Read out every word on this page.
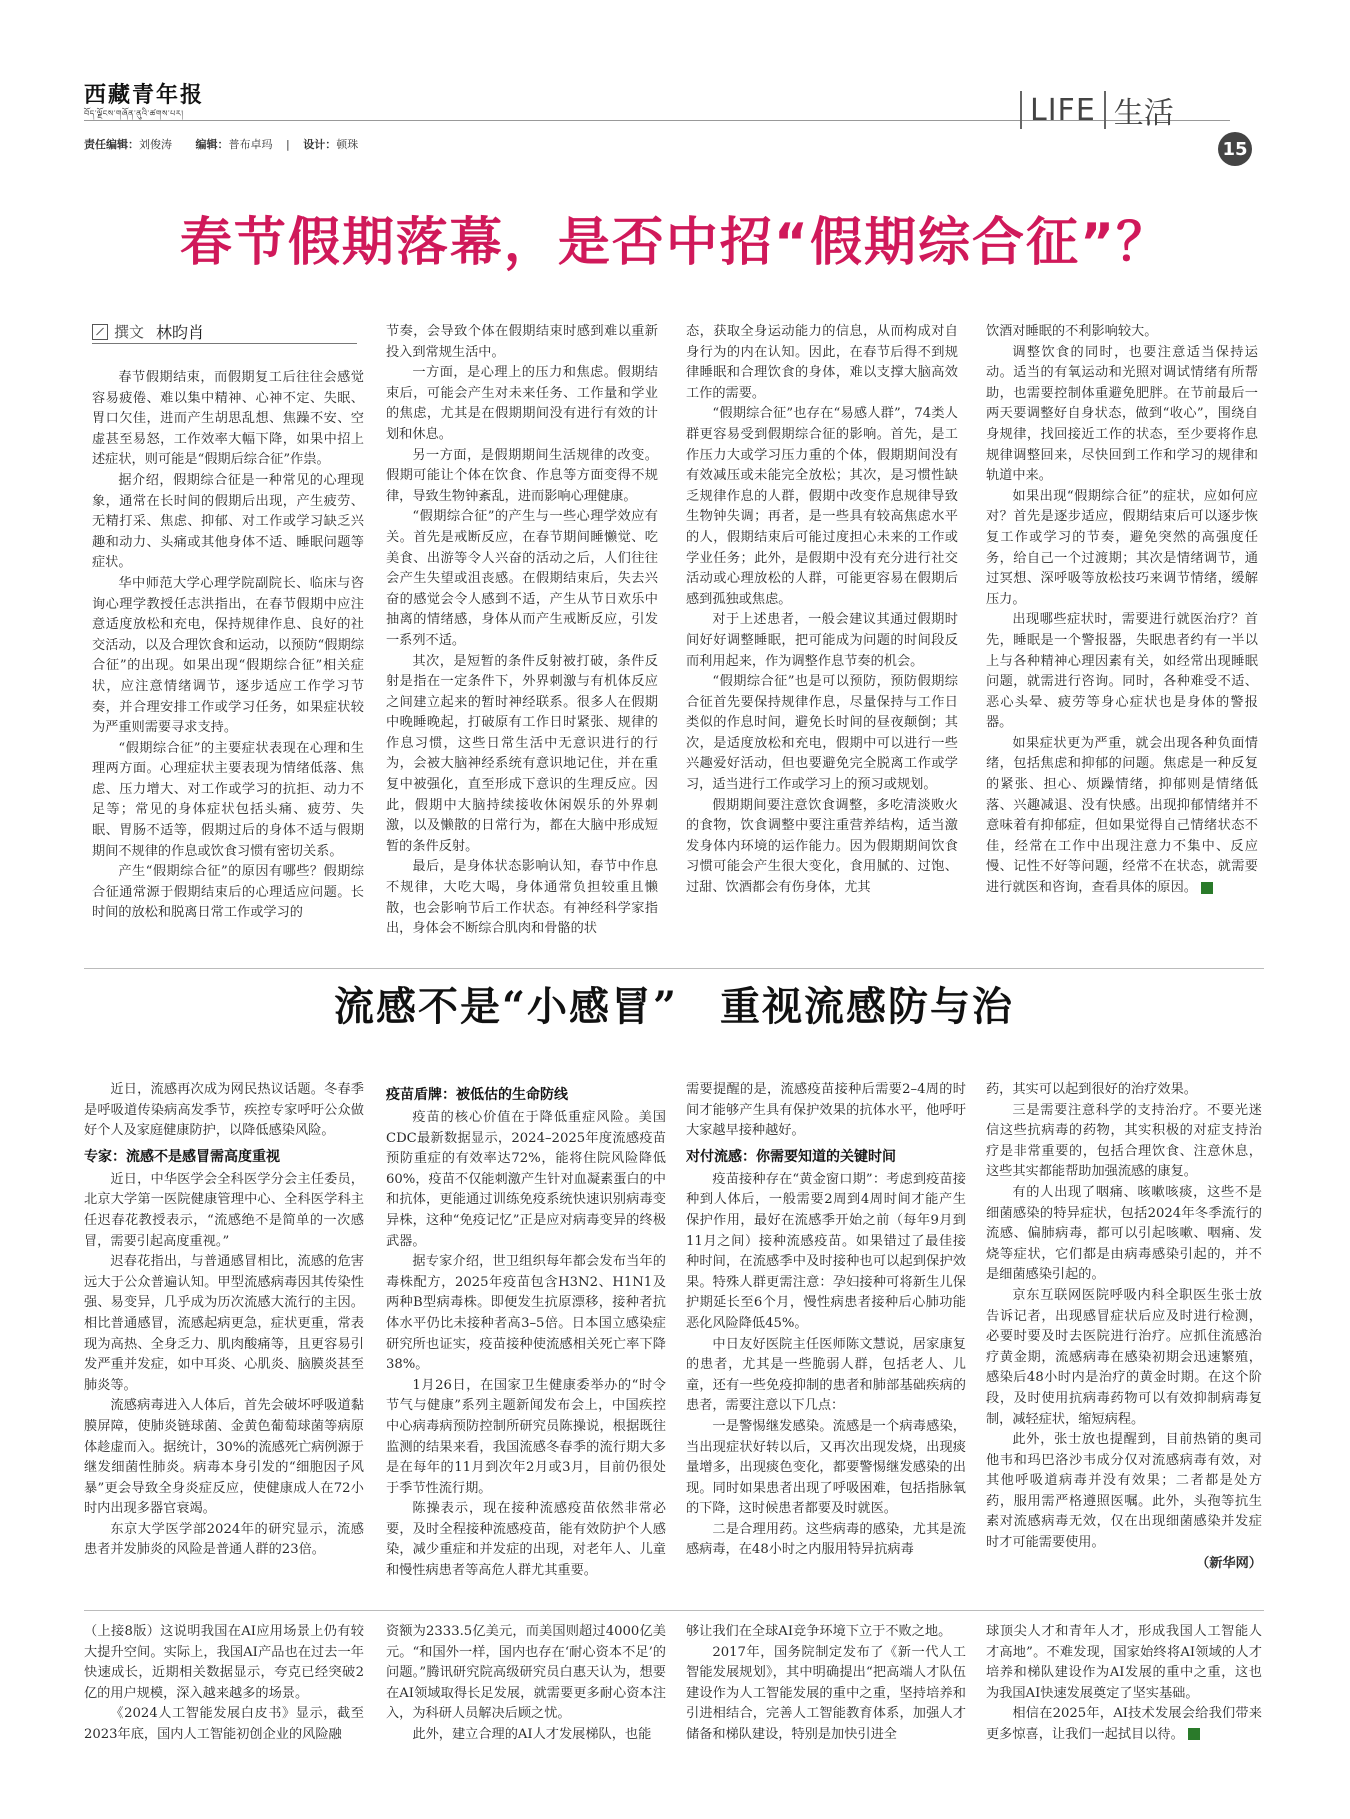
西藏青年报
བོད་ལྗོངས་གཞོན་ནུའི་ཚགས་པར།
责任编辑：刘俊涛 编辑：普布卓玛 | 设计：顿珠
LIFE 生活
15
春节假期落幕，是否中招“假期综合征”？
撰文 林昀肖

春节假期结束，而假期复工后往往会感觉容易疲倦、难以集中精神、心神不定、失眠、胃口欠佳，进而产生胡思乱想、焦躁不安、空虚甚至易怒，工作效率大幅下降，如果中招上述症状，则可能是“假期后综合征”作祟。

据介绍，假期综合征是一种常见的心理现象，通常在长时间的假期后出现，产生疲劳、无精打采、焦虑、抑郁、对工作或学习缺乏兴趣和动力、头痛或其他身体不适、睡眠问题等症状。

华中师范大学心理学院副院长、临床与咨询心理学教授任志洪指出，在春节假期中应注意适度放松和充电，保持规律作息、良好的社交活动，以及合理饮食和运动，以预防“假期综合征”的出现。如果出现“假期综合征”相关症状，应注意情绪调节，逐步适应工作学习节奏，并合理安排工作或学习任务，如果症状较为严重则需要寻求支持。

“假期综合征”的主要症状表现在心理和生理两方面。心理症状主要表现为情绪低落、焦虑、压力增大、对工作或学习的抗拒、动力不足等；常见的身体症状包括头痛、疲劳、失眠、胃肠不适等，假期过后的身体不适与假期期间不规律的作息或饮食习惯有密切关系。

产生“假期综合征”的原因有哪些？假期综合征通常源于假期结束后的心理适应问题。长时间的放松和脱离日常工作或学习的

节奏，会导致个体在假期结束时感到难以重新投入到常规生活中。

一方面，是心理上的压力和焦虑。假期结束后，可能会产生对未来任务、工作量和学业的焦虑，尤其是在假期期间没有进行有效的计划和休息。

另一方面，是假期期间生活规律的改变。假期可能让个体在饮食、作息等方面变得不规律，导致生物钟紊乱，进而影响心理健康。

“假期综合征”的产生与一些心理学效应有关。首先是戒断反应，在春节期间睡懒觉、吃美食、出游等令人兴奋的活动之后，人们往往会产生失望或沮丧感。在假期结束后，失去兴奋的感觉会令人感到不适，产生从节日欢乐中抽离的情绪感，身体从而产生戒断反应，引发一系列不适。

其次，是短暂的条件反射被打破，条件反射是指在一定条件下，外界刺激与有机体反应之间建立起来的暂时神经联系。很多人在假期中晚睡晚起，打破原有工作日时紧张、规律的作息习惯，这些日常生活中无意识进行的行为，会被大脑神经系统有意识地记住，并在重复中被强化，直至形成下意识的生理反应。因此，假期中大脑持续接收休闲娱乐的外界刺激，以及懒散的日常行为，都在大脑中形成短暂的条件反射。

最后，是身体状态影响认知，春节中作息不规律，大吃大喝，身体通常负担较重且懒散，也会影响节后工作状态。有神经科学家指出，身体会不断综合肌肉和骨骼的状

态，获取全身运动能力的信息，从而构成对自身行为的内在认知。因此，在春节后得不到规律睡眠和合理饮食的身体，难以支撑大脑高效工作的需要。

“假期综合征”也存在“易感人群”，74类人群更容易受到假期综合征的影响。首先，是工作压力大或学习压力重的个体，假期期间没有有效减压或未能完全放松；其次，是习惯性缺乏规律作息的人群，假期中改变作息规律导致生物钟失调；再者，是一些具有较高焦虑水平的人，假期结束后可能过度担心未来的工作或学业任务；此外，是假期中没有充分进行社交活动或心理放松的人群，可能更容易在假期后感到孤独或焦虑。

对于上述患者，一般会建议其通过假期时间好好调整睡眠，把可能成为问题的时间段反而利用起来，作为调整作息节奏的机会。

“假期综合征”也是可以预防，预防假期综合征首先要保持规律作息，尽量保持与工作日类似的作息时间，避免长时间的昼夜颠倒；其次，是适度放松和充电，假期中可以进行一些兴趣爱好活动，但也要避免完全脱离工作或学习，适当进行工作或学习上的预习或规划。

假期期间要注意饮食调整，多吃清淡败火的食物，饮食调整中要注重营养结构，适当激发身体内环境的运作能力。因为假期期间饮食习惯可能会产生很大变化，食用腻的、过饱、过甜、饮酒都会有伤身体，尤其

饮酒对睡眠的不利影响较大。

调整饮食的同时，也要注意适当保持运动。适当的有氧运动和光照对调试情绪有所帮助，也需要控制体重避免肥胖。在节前最后一两天要调整好自身状态，做到“收心”，围绕自身规律，找回接近工作的状态，至少要将作息规律调整回来，尽快回到工作和学习的规律和轨道中来。

如果出现“假期综合征”的症状，应如何应对？首先是逐步适应，假期结束后可以逐步恢复工作或学习的节奏，避免突然的高强度任务，给自己一个过渡期；其次是情绪调节，通过冥想、深呼吸等放松技巧来调节情绪，缓解压力。

出现哪些症状时，需要进行就医治疗？首先，睡眠是一个警报器，失眠患者约有一半以上与各种精神心理因素有关，如经常出现睡眠问题，就需进行咨询。同时，各种难受不适、恶心头晕、疲劳等身心症状也是身体的警报器。

如果症状更为严重，就会出现各种负面情绪，包括焦虑和抑郁的问题。焦虑是一种反复的紧张、担心、烦躁情绪，抑郁则是情绪低落、兴趣减退、没有快感。出现抑郁情绪并不意味着有抑郁症，但如果觉得自己情绪状态不佳，经常在工作中出现注意力不集中、反应慢、记性不好等问题，经常不在状态，就需要进行就医和咨询，查看具体的原因。

流感不是“小感冒”　重视流感防与治

近日，流感再次成为网民热议话题。冬春季是呼吸道传染病高发季节，疾控专家呼吁公众做好个人及家庭健康防护，以降低感染风险。

专家：流感不是感冒需高度重视

近日，中华医学会全科医学分会主任委员，北京大学第一医院健康管理中心、全科医学科主任迟春花教授表示，“流感绝不是简单的一次感冒，需要引起高度重视。”

迟春花指出，与普通感冒相比，流感的危害远大于公众普遍认知。甲型流感病毒因其传染性强、易变异，几乎成为历次流感大流行的主因。相比普通感冒，流感起病更急，症状更重，常表现为高热、全身乏力、肌肉酸痛等，且更容易引发严重并发症，如中耳炎、心肌炎、脑膜炎甚至肺炎等。

流感病毒进入人体后，首先会破坏呼吸道黏膜屏障，使肺炎链球菌、金黄色葡萄球菌等病原体趁虚而入。据统计，30%的流感死亡病例源于继发细菌性肺炎。病毒本身引发的“细胞因子风暴”更会导致全身炎症反应，使健康成人在72小时内出现多器官衰竭。

东京大学医学部2024年的研究显示，流感患者并发肺炎的风险是普通人群的23倍。

疫苗盾牌：被低估的生命防线

疫苗的核心价值在于降低重症风险。美国CDC最新数据显示，2024–2025年度流感疫苗预防重症的有效率达72%，能将住院风险降低60%，疫苗不仅能刺激产生针对血凝素蛋白的中和抗体，更能通过训练免疫系统快速识别病毒变异株，这种“免疫记忆”正是应对病毒变异的终极武器。

据专家介绍，世卫组织每年都会发布当年的毒株配方，2025年疫苗包含H3N2、H1N1及两种B型病毒株。即便发生抗原漂移，接种者抗体水平仍比未接种者高3–5倍。日本国立感染症研究所也证实，疫苗接种使流感相关死亡率下降38%。

1月26日，在国家卫生健康委举办的“时令节气与健康”系列主题新闻发布会上，中国疾控中心病毒病预防控制所研究员陈操说，根据既往监测的结果来看，我国流感冬春季的流行期大多是在每年的11月到次年2月或3月，目前仍很处于季节性流行期。

陈操表示，现在接种流感疫苗依然非常必要，及时全程接种流感疫苗，能有效防护个人感染，减少重症和并发症的出现，对老年人、儿童和慢性病患者等高危人群尤其重要。

需要提醒的是，流感疫苗接种后需要2–4周的时间才能够产生具有保护效果的抗体水平，他呼吁大家越早接种越好。

对付流感：你需要知道的关键时间

疫苗接种存在“黄金窗口期”：考虑到疫苗接种到人体后，一般需要2周到4周时间才能产生保护作用，最好在流感季开始之前（每年9月到11月之间）接种流感疫苗。如果错过了最佳接种时间，在流感季中及时接种也可以起到保护效果。特殊人群更需注意：孕妇接种可将新生儿保护期延长至6个月，慢性病患者接种后心肺功能恶化风险降低45%。

中日友好医院主任医师陈文慧说，居家康复的患者，尤其是一些脆弱人群，包括老人、儿童，还有一些免疫抑制的患者和肺部基础疾病的患者，需要注意以下几点：

一是警惕继发感染。流感是一个病毒感染，当出现症状好转以后，又再次出现发烧，出现痰量增多，出现痰色变化，都要警惕继发感染的出现。同时如果患者出现了呼吸困难，包括指脉氧的下降，这时候患者都要及时就医。

二是合理用药。这些病毒的感染，尤其是流感病毒，在48小时之内服用特异抗病毒

药，其实可以起到很好的治疗效果。

三是需要注意科学的支持治疗。不要光迷信这些抗病毒的药物，其实积极的对症支持治疗是非常重要的，包括合理饮食、注意休息，这些其实都能帮助加强流感的康复。

有的人出现了咽痛、咳嗽咳痰，这些不是细菌感染的特异症状，包括2024年冬季流行的流感、偏肺病毒，都可以引起咳嗽、咽痛、发烧等症状，它们都是由病毒感染引起的，并不是细菌感染引起的。

京东互联网医院呼吸内科全职医生张士放告诉记者，出现感冒症状后应及时进行检测，必要时要及时去医院进行治疗。应抓住流感治疗黄金期，流感病毒在感染初期会迅速繁殖，感染后48小时内是治疗的黄金时期。在这个阶段，及时使用抗病毒药物可以有效抑制病毒复制，减轻症状，缩短病程。

此外，张士放也提醒到，目前热销的奥司他韦和玛巴洛沙韦成分仅对流感病毒有效，对其他呼吸道病毒并没有效果；二者都是处方药，服用需严格遵照医嘱。此外，头孢等抗生素对流感病毒无效，仅在出现细菌感染并发症时才可能需要使用。

（新华网）

（上接8版）这说明我国在AI应用场景上仍有较大提升空间。实际上，我国AI产品也在过去一年快速成长，近期相关数据显示，夸克已经突破2亿的用户规模，深入越来越多的场景。

《2024人工智能发展白皮书》显示，截至2023年底，国内人工智能初创企业的风险融

资额为2333.5亿美元，而美国则超过4000亿美元。“和国外一样，国内也存在‘耐心资本不足’的问题。”腾讯研究院高级研究员白惠天认为，想要在AI领域取得长足发展，就需要更多耐心资本注入，为科研人员解决后顾之忧。

此外，建立合理的AI人才发展梯队，也能

够让我们在全球AI竞争环境下立于不败之地。

2017年，国务院制定发布了《新一代人工智能发展规划》，其中明确提出“把高端人才队伍建设作为人工智能发展的重中之重，坚持培养和引进相结合，完善人工智能教育体系，加强人才储备和梯队建设，特别是加快引进全

球顶尖人才和青年人才，形成我国人工智能人才高地”。不难发现，国家始终将AI领域的人才培养和梯队建设作为AI发展的重中之重，这也为我国AI快速发展奠定了坚实基础。

相信在2025年，AI技术发展会给我们带来更多惊喜，让我们一起拭目以待。
